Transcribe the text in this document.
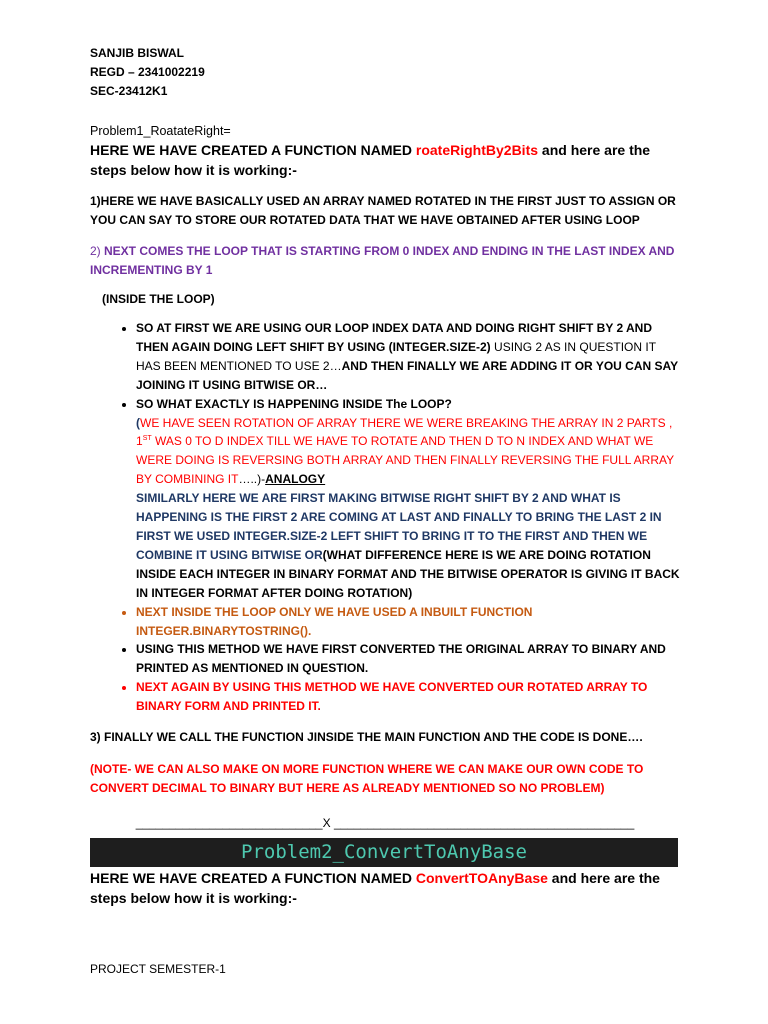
SANJIB BISWAL
REGD – 2341002219
SEC-23412K1
Problem1_RoatateRight=
HERE WE HAVE CREATED A FUNCTION NAMED roateRightBy2Bits and here are the steps below how it is working:-
1)HERE WE HAVE BASICALLY USED AN ARRAY NAMED ROTATED IN THE FIRST JUST TO ASSIGN OR YOU CAN SAY TO STORE OUR ROTATED DATA THAT WE HAVE OBTAINED AFTER USING LOOP
2) NEXT COMES THE LOOP THAT IS STARTING FROM 0 INDEX AND ENDING IN THE LAST INDEX AND INCREMENTING BY 1
(INSIDE THE LOOP)
• SO AT FIRST WE ARE USING OUR LOOP INDEX DATA AND DOING RIGHT SHIFT BY 2 AND THEN AGAIN DOING LEFT SHIFT BY USING (INTEGER.SIZE-2) USING 2 AS IN QUESTION IT HAS BEEN MENTIONED TO USE 2…AND THEN FINALLY WE ARE ADDING IT OR YOU CAN SAY JOINING IT USING BITWISE OR…
• SO WHAT EXACTLY IS HAPPENING INSIDE The LOOP?
(WE HAVE SEEN ROTATION OF ARRAY THERE WE WERE BREAKING THE ARRAY IN 2 PARTS , 1ST WAS 0 TO D INDEX TILL WE HAVE TO ROTATE AND THEN D TO N INDEX AND WHAT WE WERE DOING IS REVERSING BOTH ARRAY AND THEN FINALLY REVERSING THE FULL ARRAY BY COMBINING IT…..)-ANALOGY
SIMILARLY HERE WE ARE FIRST MAKING BITWISE RIGHT SHIFT BY 2 AND WHAT IS HAPPENING IS THE FIRST 2 ARE COMING AT LAST AND FINALLY TO BRING THE LAST 2 IN FIRST WE USED INTEGER.SIZE-2 LEFT SHIFT TO BRING IT TO THE FIRST AND THEN WE COMBINE IT USING BITWISE OR(WHAT DIFFERENCE HERE IS WE ARE DOING ROTATION INSIDE EACH INTEGER IN BINARY FORMAT AND THE BITWISE OPERATOR IS GIVING IT BACK IN INTEGER FORMAT AFTER DOING ROTATION)
• NEXT INSIDE THE LOOP ONLY WE HAVE USED A INBUILT FUNCTION INTEGER.BINARYTOSTRING().
• USING THIS METHOD WE HAVE FIRST CONVERTED THE ORIGINAL ARRAY TO BINARY AND PRINTED AS MENTIONED IN QUESTION.
• NEXT AGAIN BY USING THIS METHOD WE HAVE CONVERTED OUR ROTATED ARRAY TO BINARY FORM AND PRINTED IT.
3) FINALLY WE CALL THE FUNCTION JINSIDE THE MAIN FUNCTION AND THE CODE IS DONE….
(NOTE- WE CAN ALSO MAKE ON MORE FUNCTION WHERE WE CAN MAKE OUR OWN CODE TO CONVERT DECIMAL TO BINARY BUT HERE AS ALREADY MENTIONED SO NO PROBLEM)
____________________________X _____________________________________________
Problem2_ConvertToAnyBase
HERE WE HAVE CREATED A FUNCTION NAMED ConvertTOAnyBase and here are the steps below how it is working:-
PROJECT SEMESTER-1
